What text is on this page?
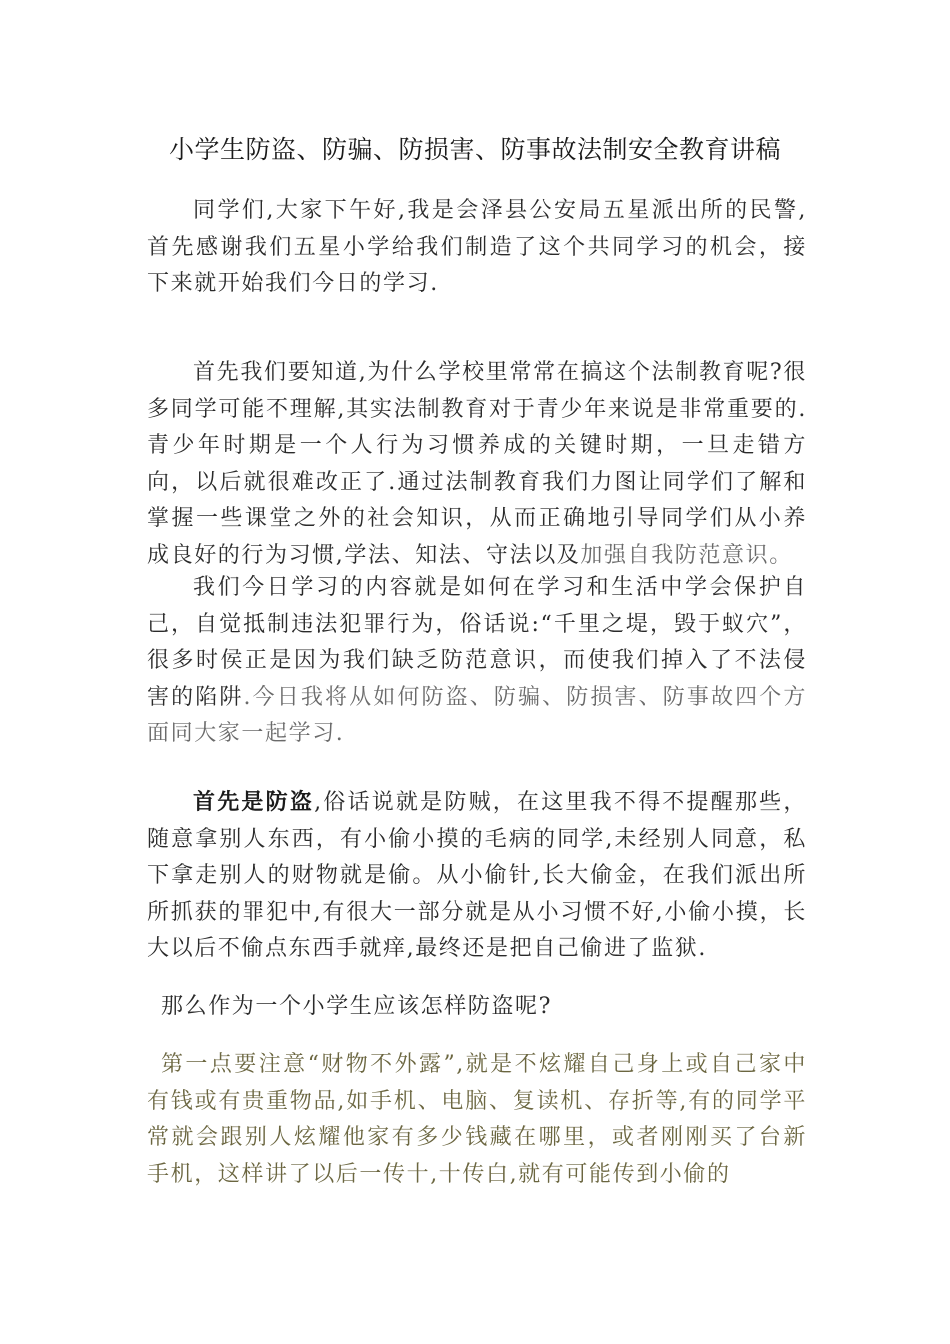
小学生防盗、防骗、防损害、防事故法制安全教育讲稿

同学们,大家下午好,我是会泽县公安局五星派出所的民警,首先感谢我们五星小学给我们制造了这个共同学习的机会，接下来就开始我们今日的学习.

首先我们要知道,为什么学校里常常在搞这个法制教育呢?很多同学可能不理解,其实法制教育对于青少年来说是非常重要的.青少年时期是一个人行为习惯养成的关键时期，一旦走错方向，以后就很难改正了.通过法制教育我们力图让同学们了解和掌握一些课堂之外的社会知识，从而正确地引导同学们从小养成良好的行为习惯,学法、知法、守法以及加强自我防范意识。

我们今日学习的内容就是如何在学习和生活中学会保护自己，自觉抵制违法犯罪行为，俗话说:“千里之堤，毁于蚁穴”，很多时侯正是因为我们缺乏防范意识，而使我们掉入了不法侵害的陷阱.今日我将从如何防盗、防骗、防损害、防事故四个方面同大家一起学习.

首先是防盗,俗话说就是防贼，在这里我不得不提醒那些，随意拿别人东西，有小偷小摸的毛病的同学,未经别人同意，私下拿走别人的财物就是偷。从小偷针,长大偷金，在我们派出所所抓获的罪犯中,有很大一部分就是从小习惯不好,小偷小摸，长大以后不偷点东西手就痒,最终还是把自己偷进了监狱.

那么作为一个小学生应该怎样防盗呢?

第一点要注意“财物不外露”,就是不炫耀自己身上或自己家中有钱或有贵重物品,如手机、电脑、复读机、存折等,有的同学平常就会跟别人炫耀他家有多少钱藏在哪里，或者刚刚买了台新手机，这样讲了以后一传十,十传白,就有可能传到小偷的
